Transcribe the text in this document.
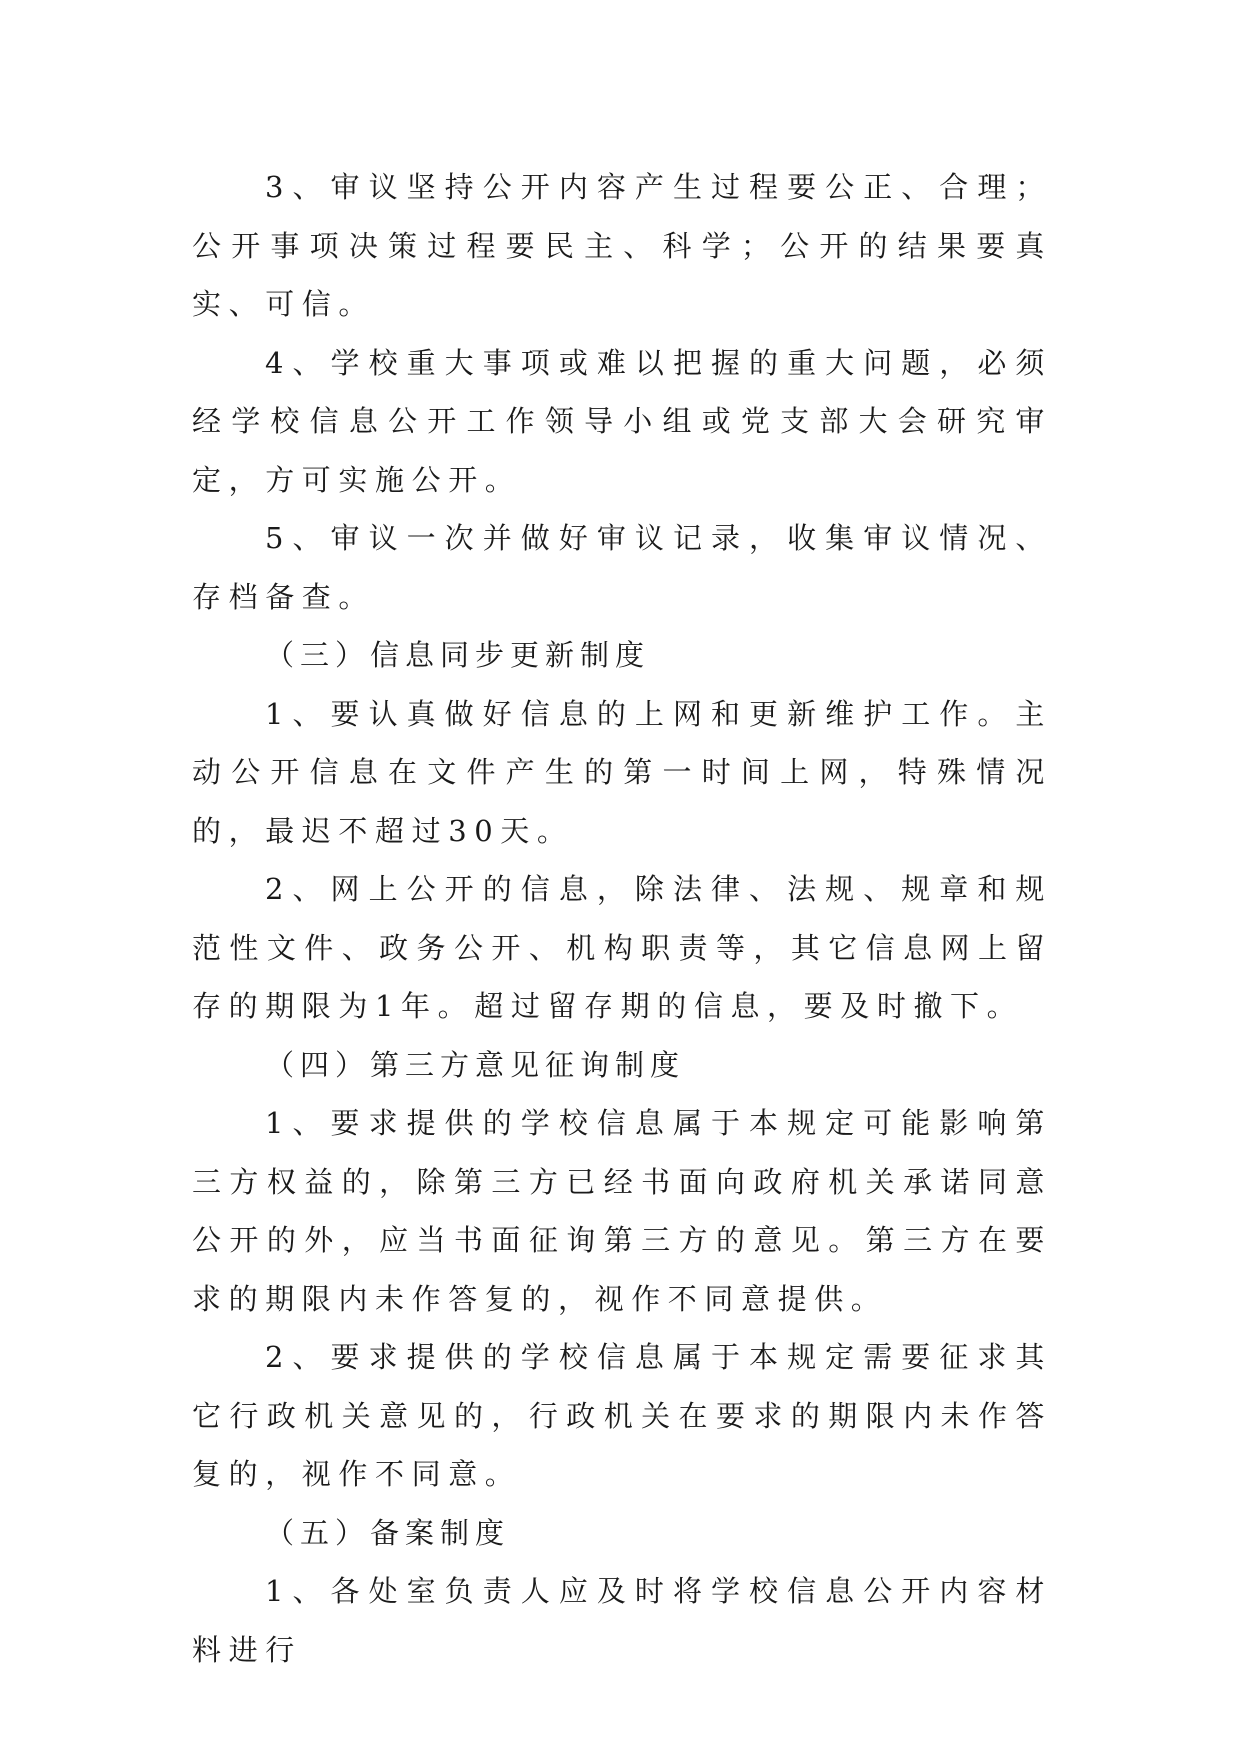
3、审议坚持公开内容产生过程要公正、合理；公开事项决策过程要民主、科学；公开的结果要真实、可信。

4、学校重大事项或难以把握的重大问题，必须经学校信息公开工作领导小组或党支部大会研究审定，方可实施公开。

5、审议一次并做好审议记录，收集审议情况、存档备查。

（三）信息同步更新制度

1、要认真做好信息的上网和更新维护工作。主动公开信息在文件产生的第一时间上网，特殊情况的，最迟不超过30天。

2、网上公开的信息，除法律、法规、规章和规范性文件、政务公开、机构职责等，其它信息网上留存的期限为1年。超过留存期的信息，要及时撤下。

（四）第三方意见征询制度

1、要求提供的学校信息属于本规定可能影响第三方权益的，除第三方已经书面向政府机关承诺同意公开的外，应当书面征询第三方的意见。第三方在要求的期限内未作答复的，视作不同意提供。

2、要求提供的学校信息属于本规定需要征求其它行政机关意见的，行政机关在要求的期限内未作答复的，视作不同意。

（五）备案制度

1、各处室负责人应及时将学校信息公开内容材料进行
